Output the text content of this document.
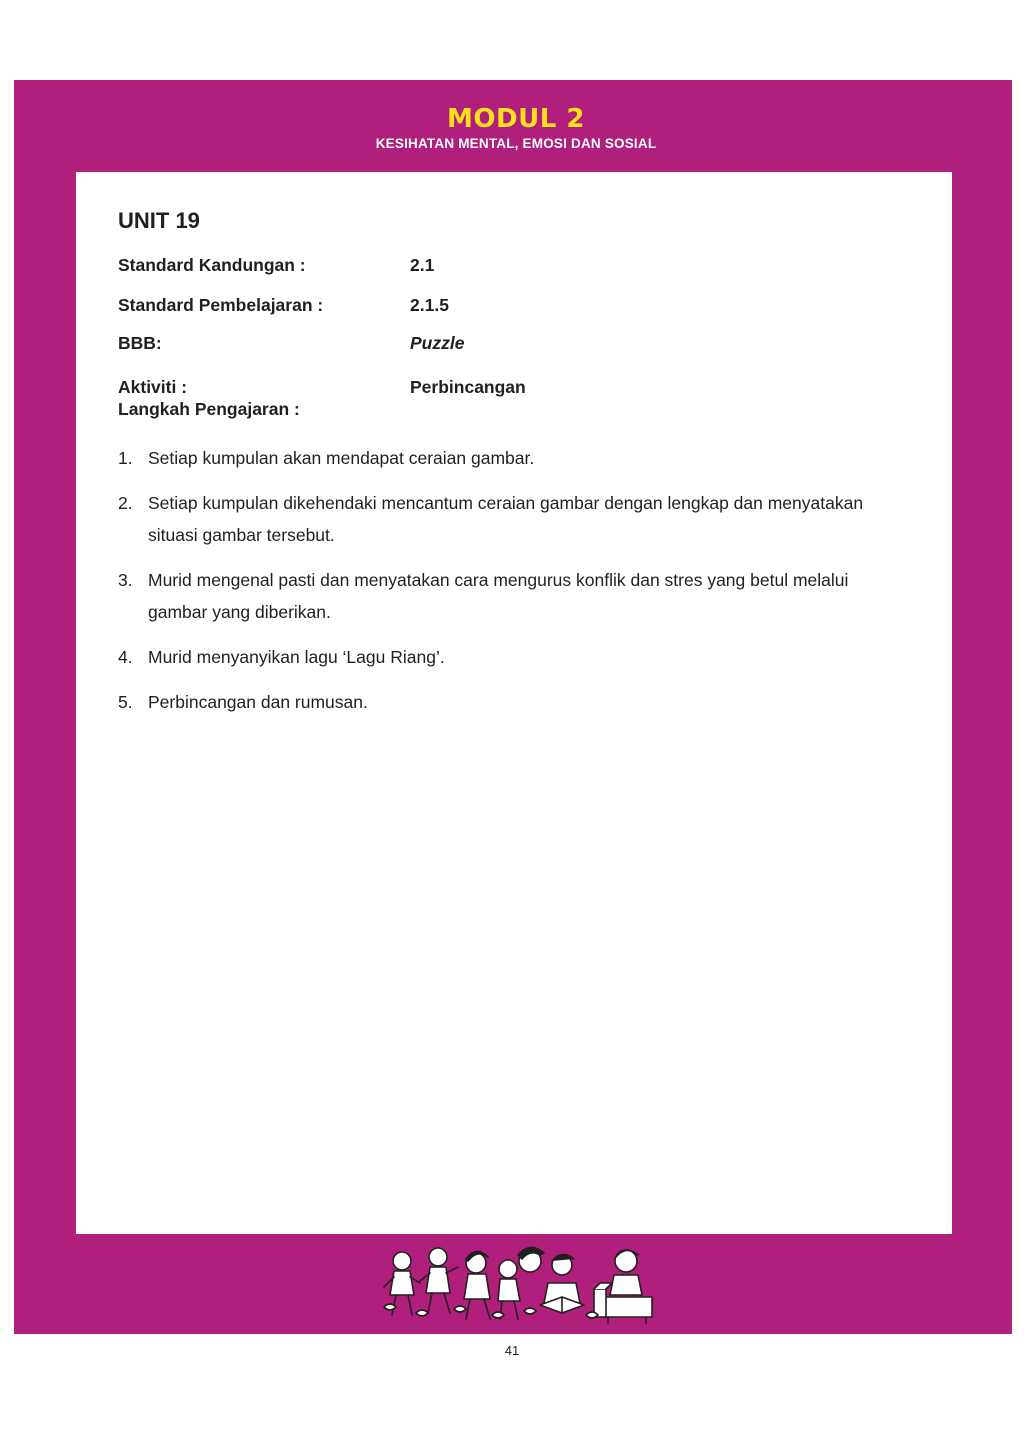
MODUL 2
KESIHATAN MENTAL, EMOSI DAN SOSIAL
UNIT 19
Standard Kandungan :	2.1
Standard Pembelajaran :	2.1.5
BBB:	Puzzle
Aktiviti :	Perbincangan
Langkah Pengajaran :
1. Setiap kumpulan akan mendapat ceraian gambar.
2. Setiap kumpulan dikehendaki mencantum ceraian gambar dengan lengkap dan menyatakan situasi gambar tersebut.
3. Murid mengenal pasti dan menyatakan cara mengurus konflik dan stres yang betul melalui gambar yang diberikan.
4. Murid menyanyikan lagu ‘Lagu Riang’.
5. Perbincangan dan rumusan.
41
